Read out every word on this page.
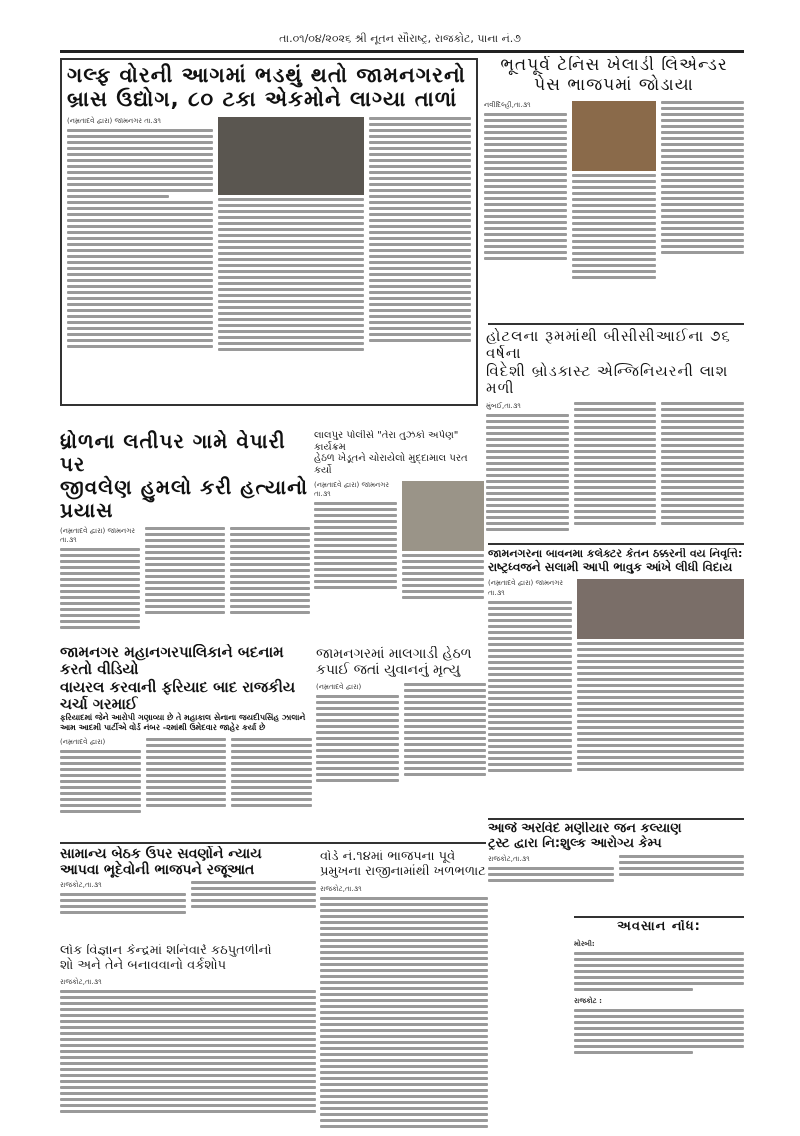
તા.૦૧/૦૪/૨૦૨૬ શ્રી નૂતન સૌરાષ્ટ્ર, રાજકોટ, પાના નં.૭
ગલ્ફ વોરની આગમાં ભડથું થતો જામનગરનો
બ્રાસ ઉદ્યોગ, ૮૦ ટકા એકમોને લાગ્યા તાળાં
(નમ્રતાદવે દ્વારા) જામનગર તા.૩૧
ભૂતપૂર્વ ટેનિસ ખેલાડી લિએન્ડર
પેસ ભાજપમાં જોડાયા
નવીદિલ્હી,તા.૩૧
હોટલના રૂમમાંથી બીસીસીઆઈના ૭૬ વર્ષના
વિદેશી બ્રોડકાસ્ટ એન્જિનિયરની લાશ મળી
મુંબઈ,તા.૩૧
ધ્રોળના લતીપર ગામે વેપારી પર
જીવલેણ હુમલો કરી હત્યાનો પ્રયાસ
(નમ્રતાદવે દ્વારા) જામનગર તા.૩૧
લાલપુર પોલીસે "તેરા તુઝકો અર્પણ" કાર્યક્રમ
હેઠળ ખેડૂતને ચોરાયેલો મુદ્દામાલ પરત કર્યો
(નમ્રતાદવે દ્વારા) જામનગર તા.૩૧
જામનગરના બાવનમા કલેક્ટર કેતન ઠક્કરની વય નિવૃત્તિ:
રાષ્ટ્રધ્વજને સલામી આપી ભાવુક આંખે લીધી વિદાય
(નમ્રતાદવે દ્વારા) જામનગર તા.૩૧
જામનગર મહાનગરપાલિકાને બદનામ કરતો વીડિયો
વાયરલ કરવાની ફરિયાદ બાદ રાજકીય ચર્ચા ગરમાઈ
ફરિયાદમાં જેને આરોપી ગણાવ્યા છે તે મહાકાલ સેનાના જયદીપસિંહ ઝાલાને
આમ આદમી પાર્ટીએ વોર્ડ નંબર -૨માંથી ઉમેદવાર જાહેર કર્યા છે
(નમ્રતાદવે દ્વારા)
જામનગરમાં માલગાડી હેઠળ
કપાઈ જતાં યુવાનનું મૃત્યુ
(નમ્રતાદવે દ્વારા)
સામાન્ય બેઠક ઉપર સવર્ણોને ન્યાય
આપવા ભૂદેવોની ભાજપને રજૂઆત
રાજકોટ,તા.૩૧
લોક વિજ્ઞાન કેન્દ્રમાં શનિવારે કઠપુતળીનો
શો અને તેને બનાવવાનો વર્કશોપ
રાજકોટ,તા.૩૧
વોર્ડ નં.૧૪માં ભાજપના પૂર્વ
પ્રમુખના રાજીનામાંથી ખળભળાટ
રાજકોટ,તા.૩૧
આજે અરવિંદ મણીયાર જન કલ્યાણ
ટ્રસ્ટ દ્વારા નિ:શુલ્ક આરોગ્ય કેમ્પ
રાજકોટ,તા.૩૧
અવસાન નોંધ:
મોરબી:
રાજકોટ :
